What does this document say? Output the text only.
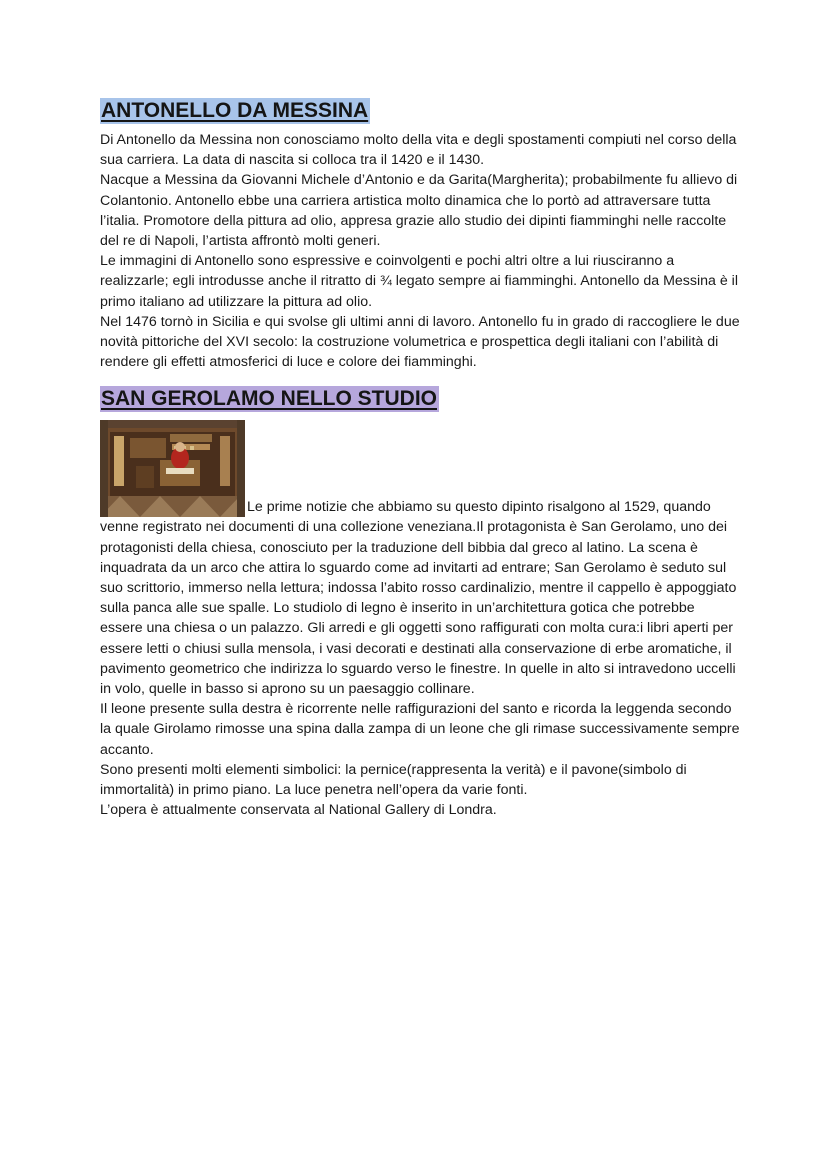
ANTONELLO DA MESSINA

Di Antonello da Messina non conosciamo molto della vita e degli spostamenti compiuti nel corso della sua carriera. La data di nascita si colloca tra il 1420 e il 1430.

Nacque a Messina da Giovanni Michele d’Antonio e da Garita(Margherita); probabilmente fu allievo di Colantonio. Antonello ebbe una carriera artistica molto dinamica che lo portò ad attraversare tutta l’italia. Promotore della pittura ad olio, appresa grazie allo studio dei dipinti fiamminghi nelle raccolte del re di Napoli, l’artista affrontò molti generi.

Le immagini di Antonello sono espressive e coinvolgenti e pochi altri oltre a lui riusciranno a realizzarle; egli introdusse anche il ritratto di ¾ legato sempre ai fiamminghi. Antonello da Messina è il primo italiano ad utilizzare la pittura ad olio.

Nel 1476 tornò in Sicilia e qui svolse gli ultimi anni di lavoro. Antonello fu in grado di raccogliere le due novità pittoriche del XVI secolo: la costruzione volumetrica e prospettica degli italiani con l’abilità di rendere gli effetti atmosferici di luce e colore dei fiamminghi.

SAN GEROLAMO NELLO STUDIO

Le prime notizie che abbiamo su questo dipinto risalgono al 1529, quando venne registrato nei documenti di una collezione veneziana.Il protagonista è San Gerolamo, uno dei protagonisti della chiesa, conosciuto per la traduzione dell bibbia dal greco al latino. La scena è inquadrata da un arco che attira lo sguardo come ad invitarti ad entrare; San Gerolamo è seduto sul suo scrittorio, immerso nella lettura; indossa l’abito rosso cardinalizio, mentre il cappello è appoggiato sulla panca alle sue spalle. Lo studiolo di legno è inserito in un’architettura gotica che potrebbe essere una chiesa o un palazzo. Gli arredi e gli oggetti sono raffigurati con molta cura:i libri aperti per essere letti o chiusi sulla mensola, i vasi decorati e destinati alla conservazione di erbe aromatiche, il pavimento geometrico che indirizza lo sguardo verso le finestre. In quelle in alto si intravedono uccelli in volo, quelle in basso si aprono su un paesaggio collinare.

Il leone presente sulla destra è ricorrente nelle raffigurazioni del santo e ricorda la leggenda secondo la quale Girolamo rimosse una spina dalla zampa di un leone che gli rimase successivamente sempre accanto.

Sono presenti molti elementi simbolici: la pernice(rappresenta la verità) e il pavone(simbolo di immortalità) in primo piano. La luce penetra nell’opera da varie fonti.

L’opera è attualmente conservata al National Gallery di Londra.
